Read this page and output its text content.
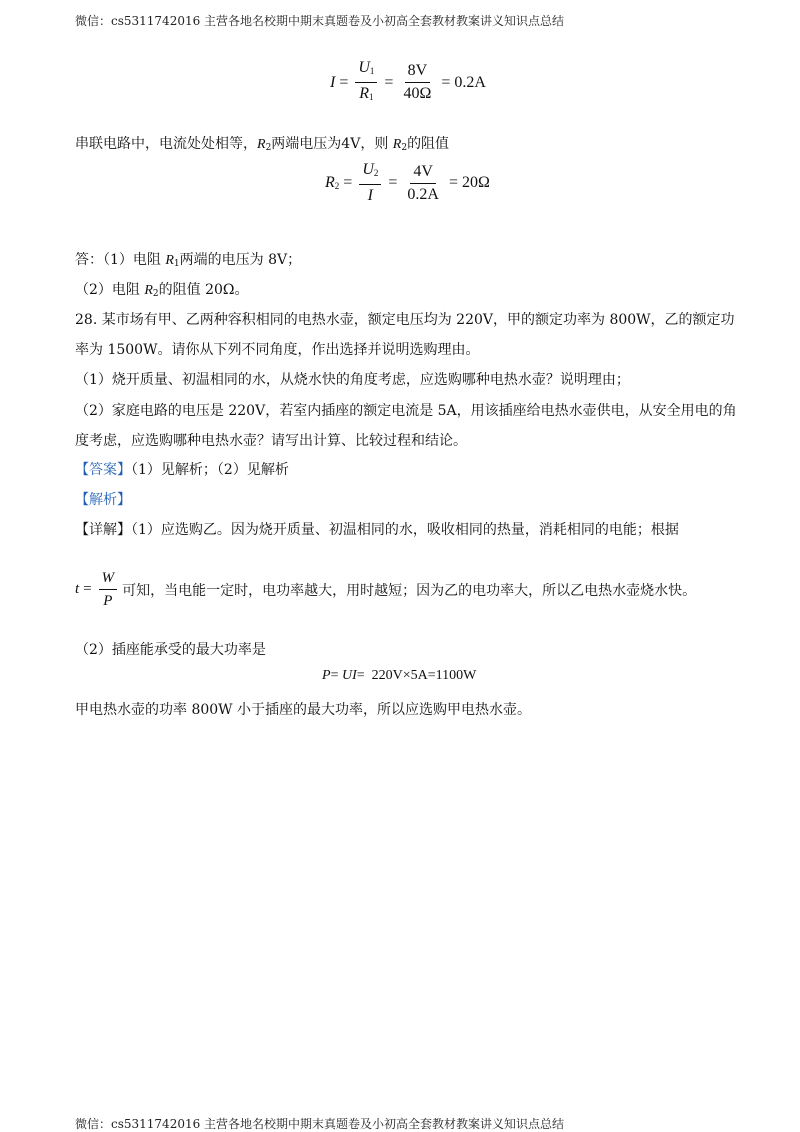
微信：cs5311742016 主营各地名校期中期末真题卷及小初高全套教材教案讲义知识点总结
$I = \frac{U_1}{R_1} = \frac{8V}{40\Omega} = 0.2A$
串联电路中，电流处处相等，$R_2$两端电压为4V，则 $R_2$的阻值
$R_2 = \frac{U_2}{I} = \frac{4V}{0.2A} = 20\Omega$
答：（1）电阻 $R_1$两端的电压为 8V；
（2）电阻 $R_2$的阻值 20Ω。
28. 某市场有甲、乙两种容积相同的电热水壶，额定电压均为 220V，甲的额定功率为 800W，乙的额定功
率为 1500W。请你从下列不同角度，作出选择并说明选购理由。
（1）烧开质量、初温相同的水，从烧水快的角度考虑，应选购哪种电热水壶？说明理由；
（2）家庭电路的电压是 220V，若室内插座的额定电流是 5A，用该插座给电热水壶供电，从安全用电的角
度考虑，应选购哪种电热水壶？请写出计算、比较过程和结论。
【答案】（1）见解析；（2）见解析
【解析】
【详解】（1）应选购乙。因为烧开质量、初温相同的水，吸收相同的热量，消耗相同的电能；根据
$t = \frac{W}{P}$ 可知，当电能一定时，电功率越大，用时越短；因为乙的电功率大，所以乙电热水壶烧水快。
（2）插座能承受的最大功率是
P = UI = 220V×5A=1100W
甲电热水壶的功率 800W 小于插座的最大功率，所以应选购甲电热水壶。
微信：cs5311742016 主营各地名校期中期末真题卷及小初高全套教材教案讲义知识点总结
